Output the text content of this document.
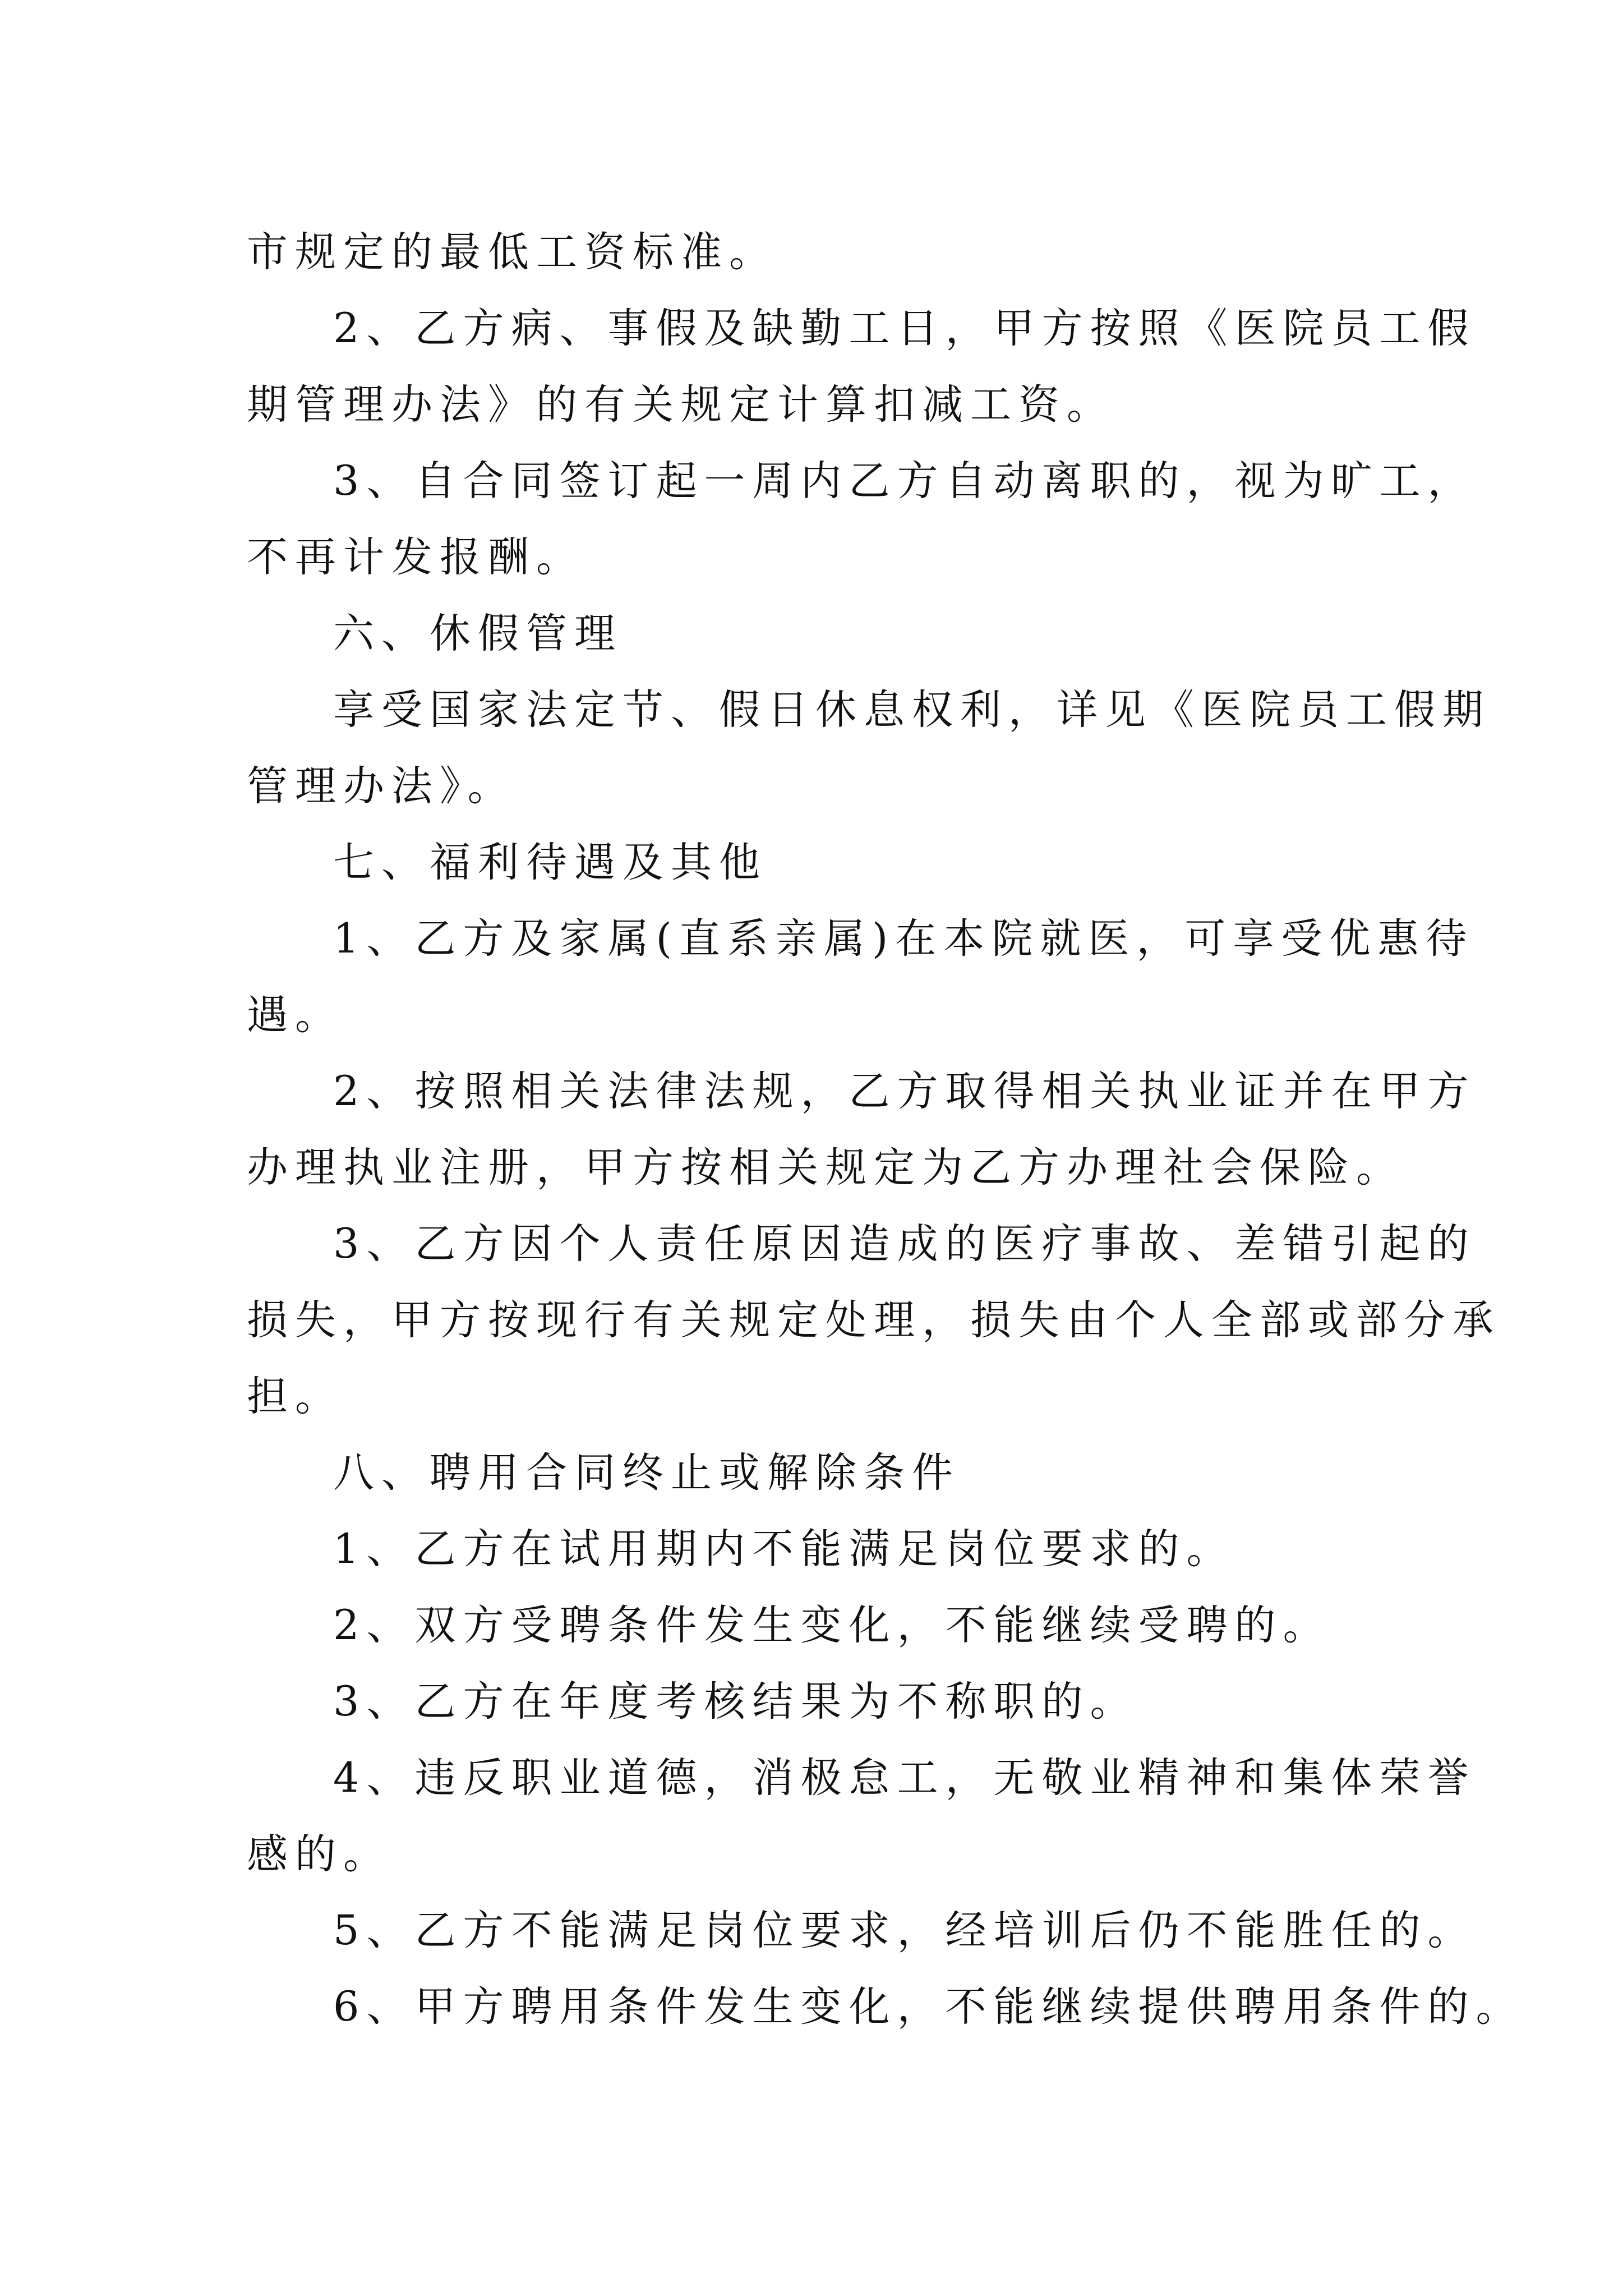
市规定的最低工资标准。

2、乙方病、事假及缺勤工日，甲方按照《医院员工假

期管理办法》的有关规定计算扣减工资。

3、自合同签订起一周内乙方自动离职的，视为旷工，

不再计发报酬。

六、休假管理

享受国家法定节、假日休息权利，详见《医院员工假期

管理办法》。

七、福利待遇及其他

1、乙方及家属(直系亲属)在本院就医，可享受优惠待

遇。

2、按照相关法律法规，乙方取得相关执业证并在甲方

办理执业注册，甲方按相关规定为乙方办理社会保险。

3、乙方因个人责任原因造成的医疗事故、差错引起的

损失，甲方按现行有关规定处理，损失由个人全部或部分承

担。

八、聘用合同终止或解除条件

1、乙方在试用期内不能满足岗位要求的。

2、双方受聘条件发生变化，不能继续受聘的。

3、乙方在年度考核结果为不称职的。

4、违反职业道德，消极怠工，无敬业精神和集体荣誉

感的。

5、乙方不能满足岗位要求，经培训后仍不能胜任的。

6、甲方聘用条件发生变化，不能继续提供聘用条件的。
